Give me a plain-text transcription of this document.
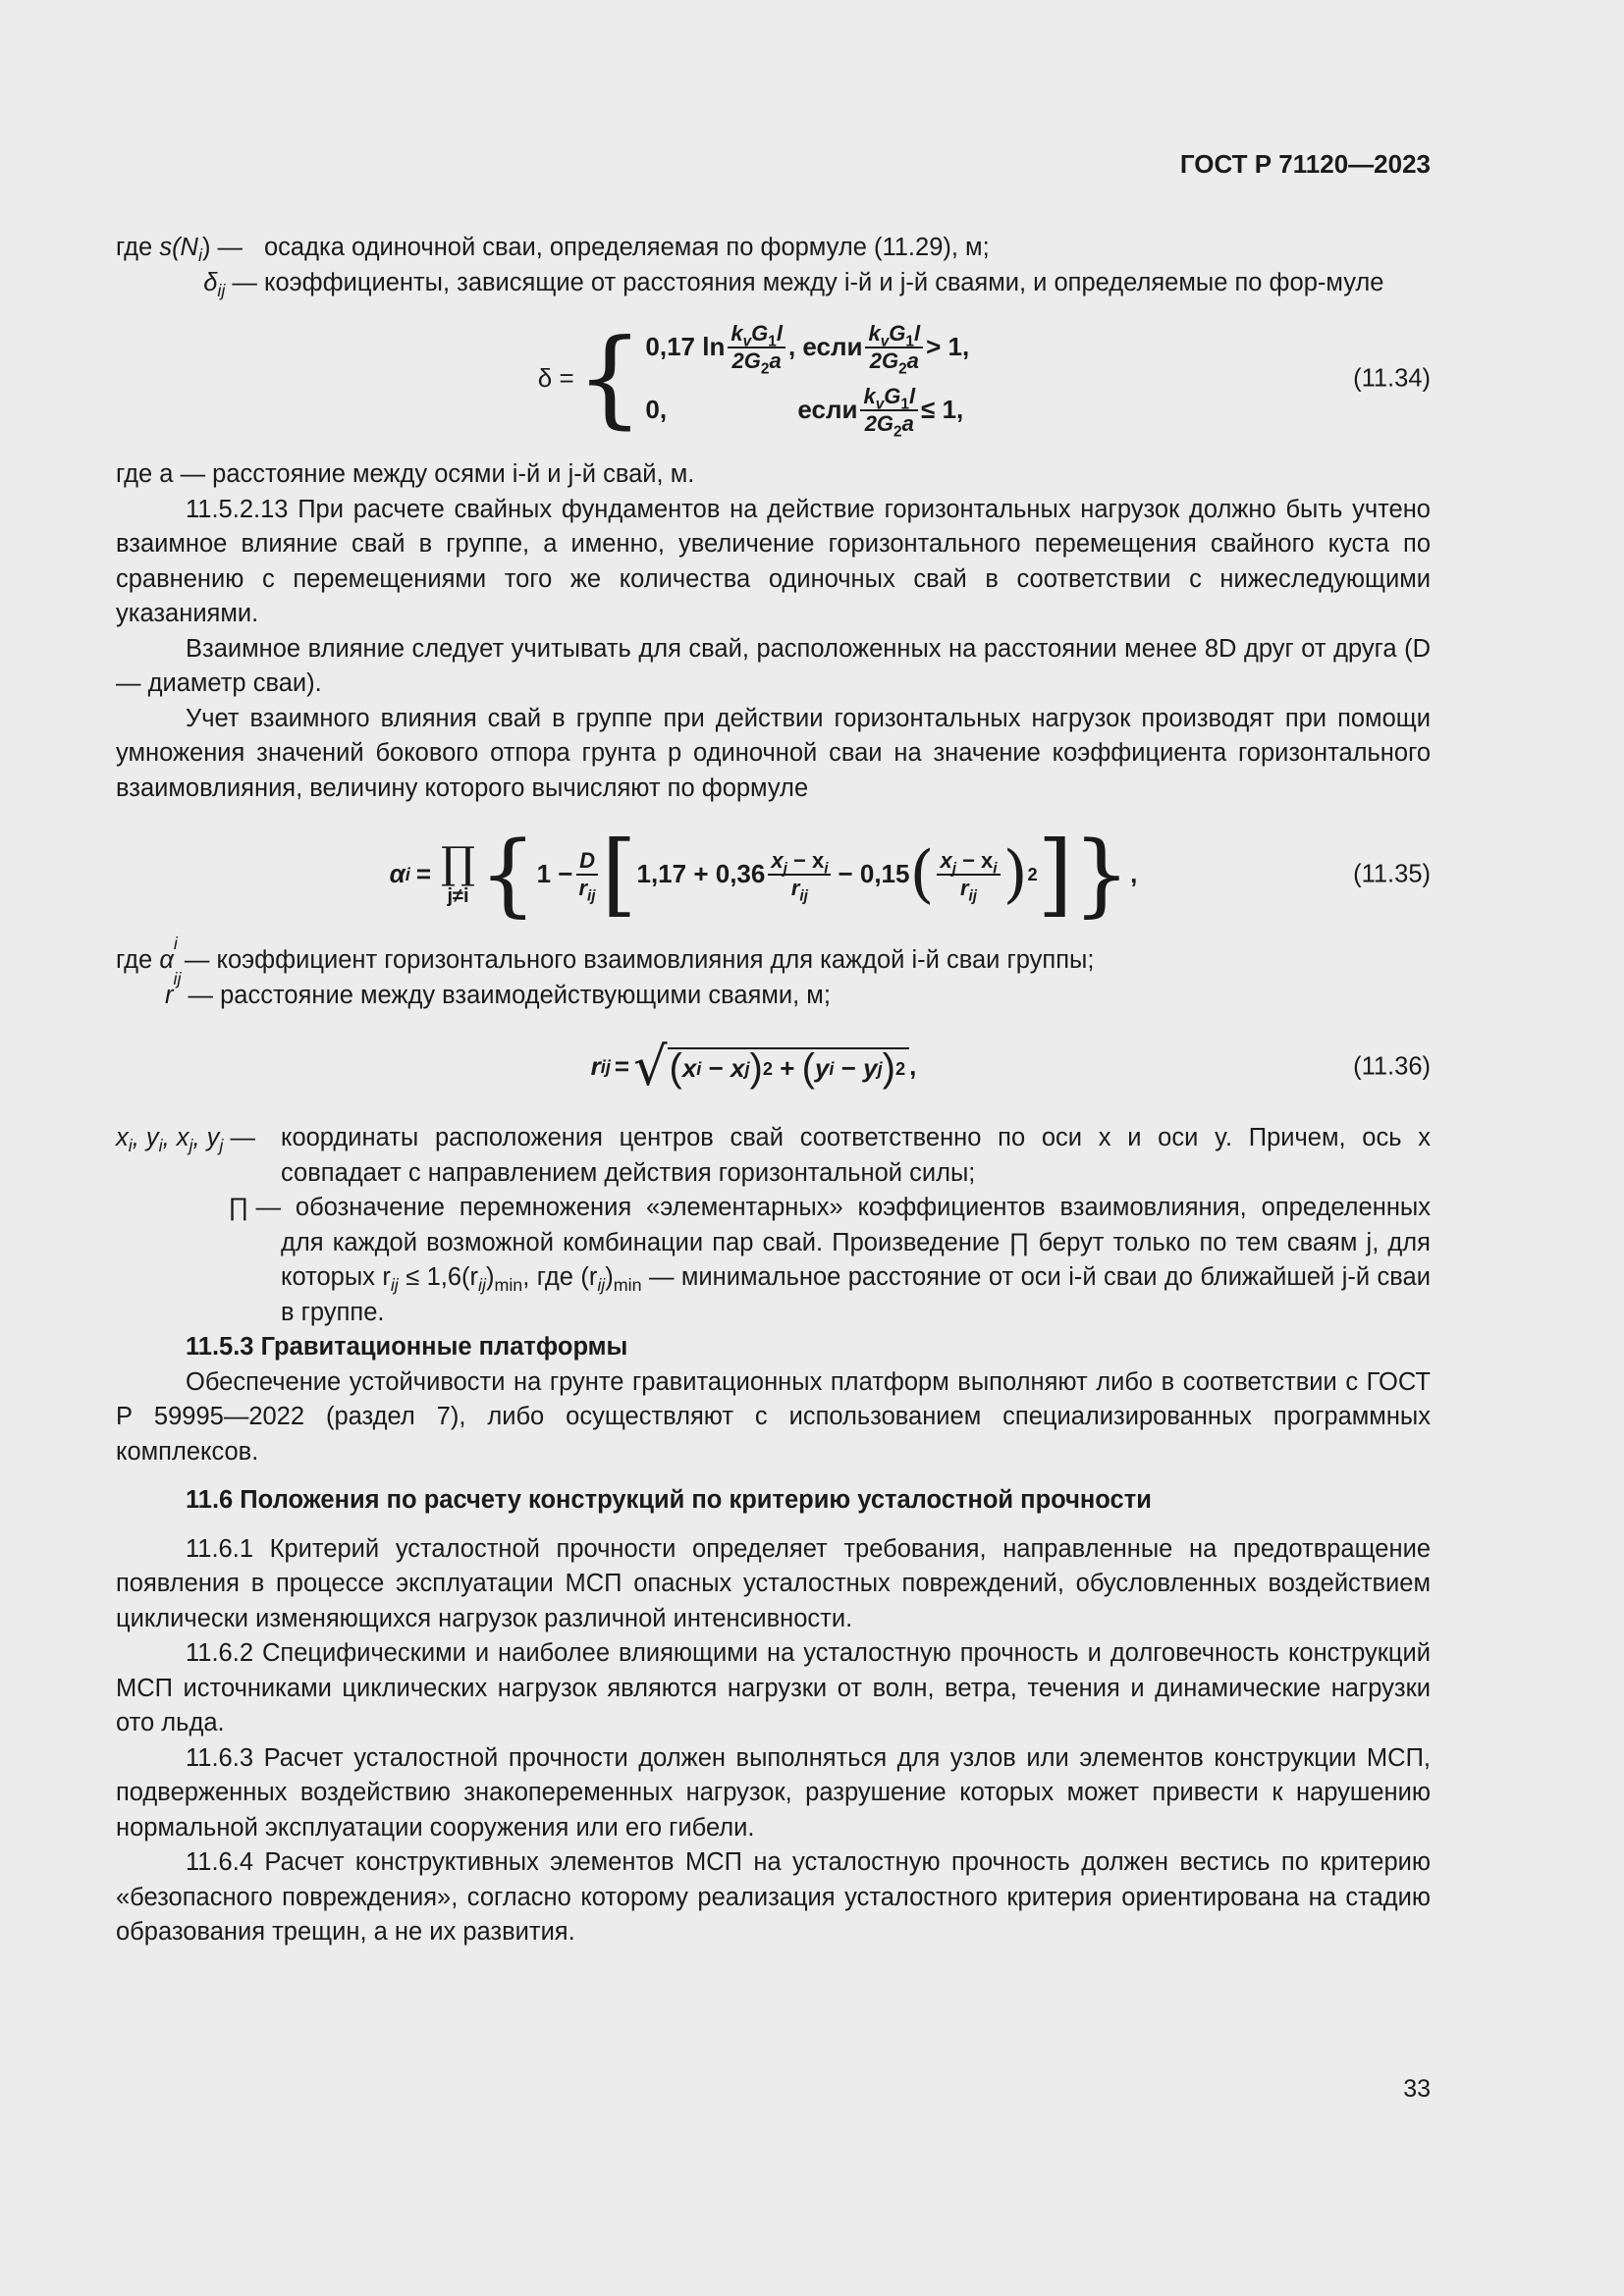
ГОСТ Р 71120—2023
где $s(N_i)$ — осадка одиночной сваи, определяемая по формуле (11.29), м;
$\delta_{ij}$ — коэффициенты, зависящие от расстояния между i-й и j-й сваями, и определяемые по фор-муле
δ = { 0,17 $\ln \frac{k_vG_1l}{2G_2a}$ , если $\frac{k_vG_1l}{2G_2a} > 1$,
0,	если $\frac{k_vG_1l}{2G_2a} \le 1$,
(11.34)

где a — расстояние между осями i-й и j-й свай, м.

11.5.2.13 При расчете свайных фундаментов на действие горизонтальных нагрузок должно быть учтено взаимное влияние свай в группе, а именно, увеличение горизонтального перемещения свайного куста по сравнению с перемещениями того же количества одиночных свай в соответствии с нижеследующими указаниями.

Взаимное влияние следует учитывать для свай, расположенных на расстоянии менее 8D друг от друга (D — диаметр сваи).

Учет взаимного влияния свай в группе при действии горизонтальных нагрузок производят при помощи умножения значений бокового отпора грунта p одиночной сваи на значение коэффициента горизонтального взаимовлияния, величину которого вычисляют по формуле

α i = ∏
j≠i { $1 - \frac{D}{r_{ij}}$ [ $1,17 + 0,36 \frac{x_j - x_i}{r_{ij}} - 0,15$ ( $\frac{x_j - x_i}{r_{ij}}$ ) 2 ] } ,	(11.35)
где
α
i

— коэффициент горизонтального взаимовлияния для каждой i-й сваи группы;
r
ij

— расстояние между взаимодействующими сваями, м;
r ij = √ ( x i − x j ) 2 + ( y i − y j ) 2 ,	(11.36)
$x_i$, $y_i$, $x_j$, $y_j$ — координаты расположения центров свай соответственно по оси x и оси y. Причем, ось x совпадает с направлением действия горизонтальной силы;
∏ — обозначение перемножения «элементарных» коэффициентов взаимовлияния, определенных для каждой возможной комбинации пар свай. Произведение ∏ берут только по тем сваям j, для которых $r_{ij} \le 1,6(r_{ij})_{min}$, где $(r_{ij})_{min}$ — минимальное расстояние от оси i-й сваи до ближайшей j-й сваи в группе.

11.5.3 Гравитационные платформы

Обеспечение устойчивости на грунте гравитационных платформ выполняют либо в соответствии с ГОСТ Р 59995—2022 (раздел 7), либо осуществляют с использованием специализированных программных комплексов.

11.6 Положения по расчету конструкций по критерию усталостной прочности

11.6.1 Критерий усталостной прочности определяет требования, направленные на предотвращение появления в процессе эксплуатации МСП опасных усталостных повреждений, обусловленных воздействием циклически изменяющихся нагрузок различной интенсивности.

11.6.2 Специфическими и наиболее влияющими на усталостную прочность и долговечность конструкций МСП источниками циклических нагрузок являются нагрузки от волн, ветра, течения и динамические нагрузки ото льда.

11.6.3 Расчет усталостной прочности должен выполняться для узлов или элементов конструкции МСП, подверженных воздействию знакопеременных нагрузок, разрушение которых может привести к нарушению нормальной эксплуатации сооружения или его гибели.

11.6.4 Расчет конструктивных элементов МСП на усталостную прочность должен вестись по критерию «безопасного повреждения», согласно которому реализация усталостного критерия ориентирована на стадию образования трещин, а не их развития.

33
